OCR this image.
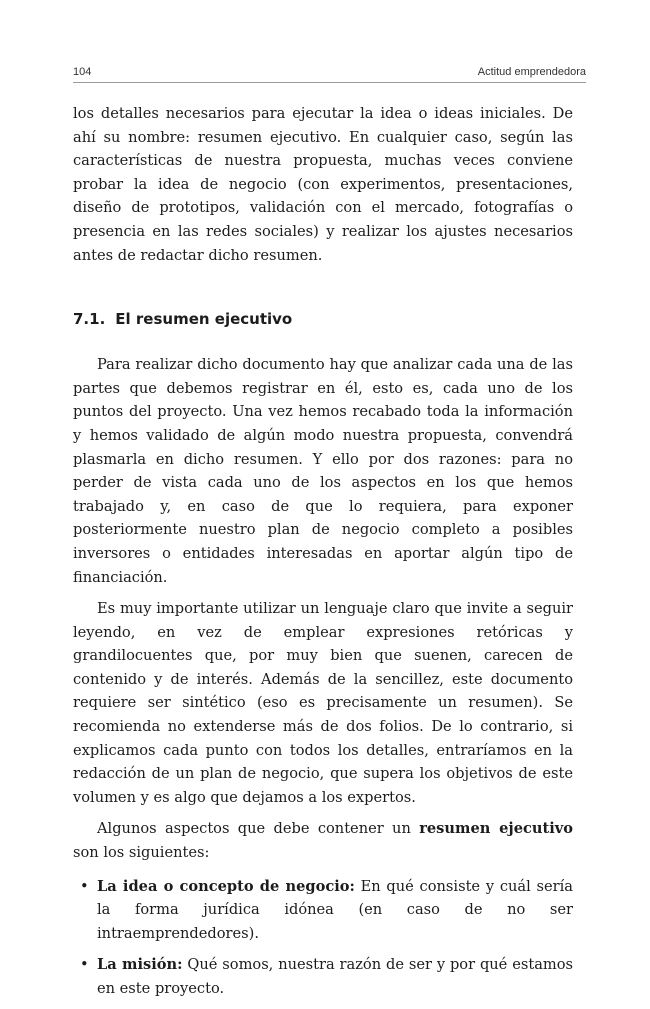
104	Actitud emprendedora

los detalles necesarios para ejecutar la idea o ideas iniciales. De ahí su nombre: resumen ejecutivo. En cualquier caso, según las características de nuestra propuesta, muchas veces conviene probar la idea de negocio (con experimentos, presentaciones, diseño de prototipos, validación con el mercado, fotografías o presencia en las redes sociales) y realizar los ajustes necesarios antes de redactar dicho resumen.

7.1. El resumen ejecutivo

Para realizar dicho documento hay que analizar cada una de las partes que debemos registrar en él, esto es, cada uno de los puntos del proyecto. Una vez hemos recabado toda la información y hemos validado de algún modo nuestra propuesta, convendrá plasmarla en dicho resumen. Y ello por dos razones: para no perder de vista cada uno de los aspectos en los que hemos trabajado y, en caso de que lo requiera, para exponer posteriormente nuestro plan de negocio completo a posibles inversores o entidades interesadas en aportar algún tipo de financiación.

Es muy importante utilizar un lenguaje claro que invite a seguir leyendo, en vez de emplear expresiones retóricas y grandilocuentes que, por muy bien que suenen, carecen de contenido y de interés. Además de la sencillez, este documento requiere ser sintético (eso es precisamente un resumen). Se recomienda no extenderse más de dos folios. De lo contrario, si explicamos cada punto con todos los detalles, entraríamos en la redacción de un plan de negocio, que supera los objetivos de este volumen y es algo que dejamos a los expertos.

Algunos aspectos que debe contener un resumen ejecutivo son los siguientes:

• La idea o concepto de negocio: En qué consiste y cuál sería la forma jurídica idónea (en caso de no ser intraemprendedores).
• La misión: Qué somos, nuestra razón de ser y por qué estamos en este proyecto.
